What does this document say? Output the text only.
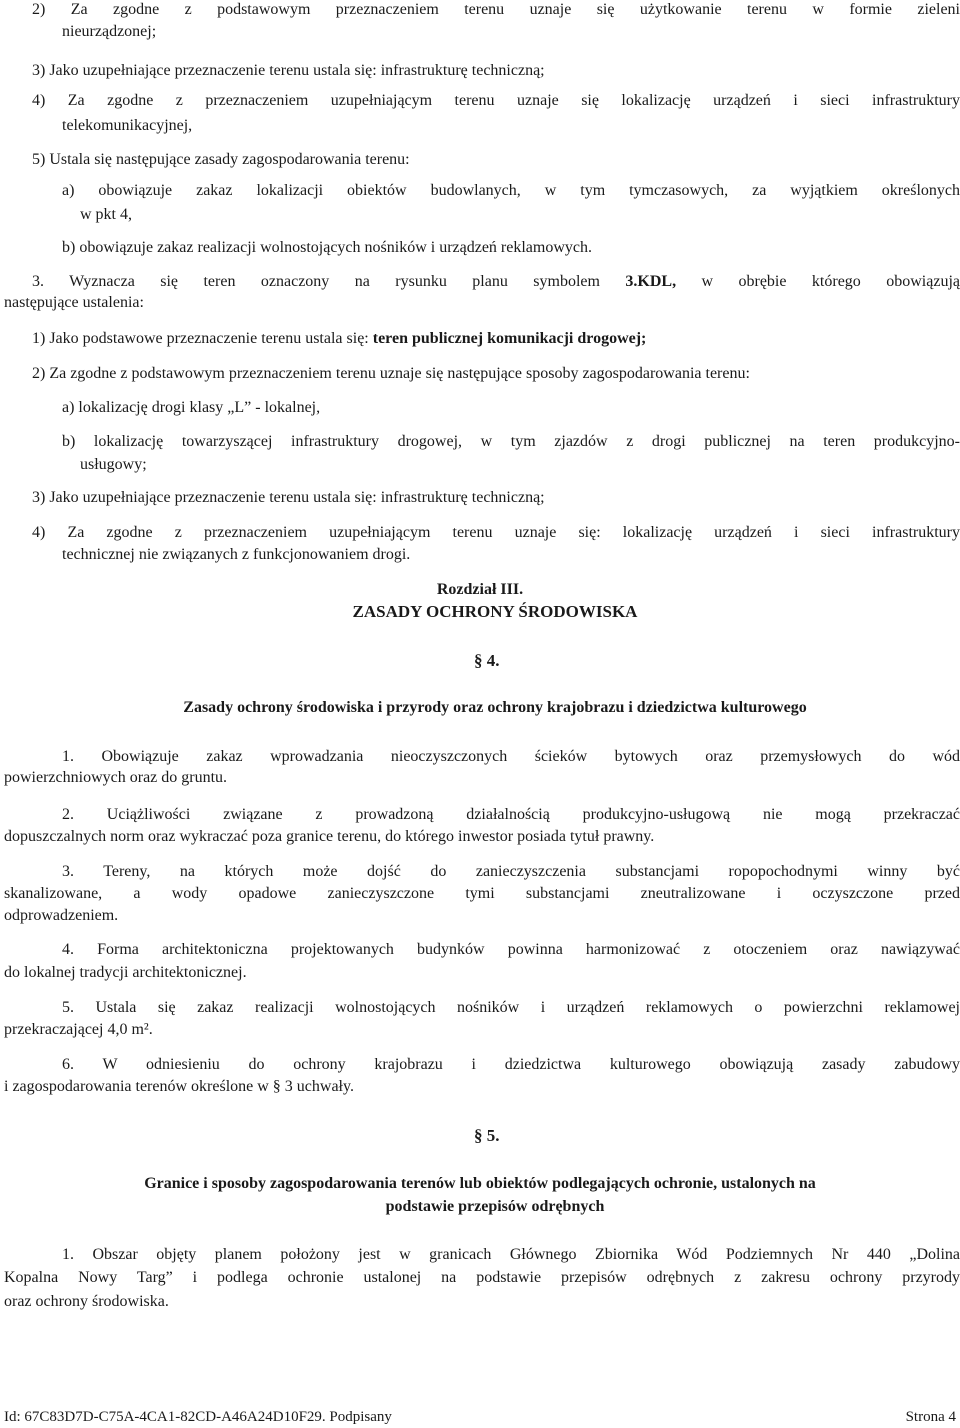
2) Za zgodne z podstawowym przeznaczeniem terenu uznaje się użytkowanie terenu w formie zieleni
nieurządzonej;
3) Jako uzupełniające przeznaczenie terenu ustala się: infrastrukturę techniczną;
4) Za zgodne z przeznaczeniem uzupełniającym terenu uznaje się lokalizację urządzeń i sieci infrastruktury
telekomunikacyjnej,
5) Ustala się następujące zasady zagospodarowania terenu:
a) obowiązuje zakaz lokalizacji obiektów budowlanych, w tym tymczasowych, za wyjątkiem określonych
w pkt 4,
b) obowiązuje zakaz realizacji wolnostojących nośników i urządzeń reklamowych.
3. Wyznacza się teren oznaczony na rysunku planu symbolem 3.KDL, w obrębie którego obowiązują
następujące ustalenia:
1) Jako podstawowe przeznaczenie terenu ustala się: teren publicznej komunikacji drogowej;
2) Za zgodne z podstawowym przeznaczeniem terenu uznaje się następujące sposoby zagospodarowania terenu:
a) lokalizację drogi klasy „L” - lokalnej,
b) lokalizację towarzyszącej infrastruktury drogowej, w tym zjazdów z drogi publicznej na teren produkcyjno-
usługowy;
3) Jako uzupełniające przeznaczenie terenu ustala się: infrastrukturę techniczną;
4) Za zgodne z przeznaczeniem uzupełniającym terenu uznaje się: lokalizację urządzeń i sieci infrastruktury
technicznej nie związanych z funkcjonowaniem drogi.
Rozdział III.
ZASADY OCHRONY ŚRODOWISKA
§ 4.
Zasady ochrony środowiska i przyrody oraz ochrony krajobrazu i dziedzictwa kulturowego
1. Obowiązuje zakaz wprowadzania nieoczyszczonych ścieków bytowych oraz przemysłowych do wód
powierzchniowych oraz do gruntu.
2. Uciążliwości związane z prowadzoną działalnością produkcyjno-usługową nie mogą przekraczać
dopuszczalnych norm oraz wykraczać poza granice terenu, do którego inwestor posiada tytuł prawny.
3. Tereny, na których może dojść do zanieczyszczenia substancjami ropopochodnymi winny być
skanalizowane, a wody opadowe zanieczyszczone tymi substancjami zneutralizowane i oczyszczone przed
odprowadzeniem.
4. Forma architektoniczna projektowanych budynków powinna harmonizować z otoczeniem oraz nawiązywać
do lokalnej tradycji architektonicznej.
5. Ustala się zakaz realizacji wolnostojących nośników i urządzeń reklamowych o powierzchni reklamowej
przekraczającej 4,0 m².
6. W odniesieniu do ochrony krajobrazu i dziedzictwa kulturowego obowiązują zasady zabudowy
i zagospodarowania terenów określone w § 3 uchwały.
§ 5.
Granice i sposoby zagospodarowania terenów lub obiektów podlegających ochronie, ustalonych na
podstawie przepisów odrębnych
1. Obszar objęty planem położony jest w granicach Głównego Zbiornika Wód Podziemnych Nr 440 „Dolina
Kopalna Nowy Targ” i podlega ochronie ustalonej na podstawie przepisów odrębnych z zakresu ochrony przyrody
oraz ochrony środowiska.
Id: 67C83D7D-C75A-4CA1-82CD-A46A24D10F29. Podpisany	Strona 4
